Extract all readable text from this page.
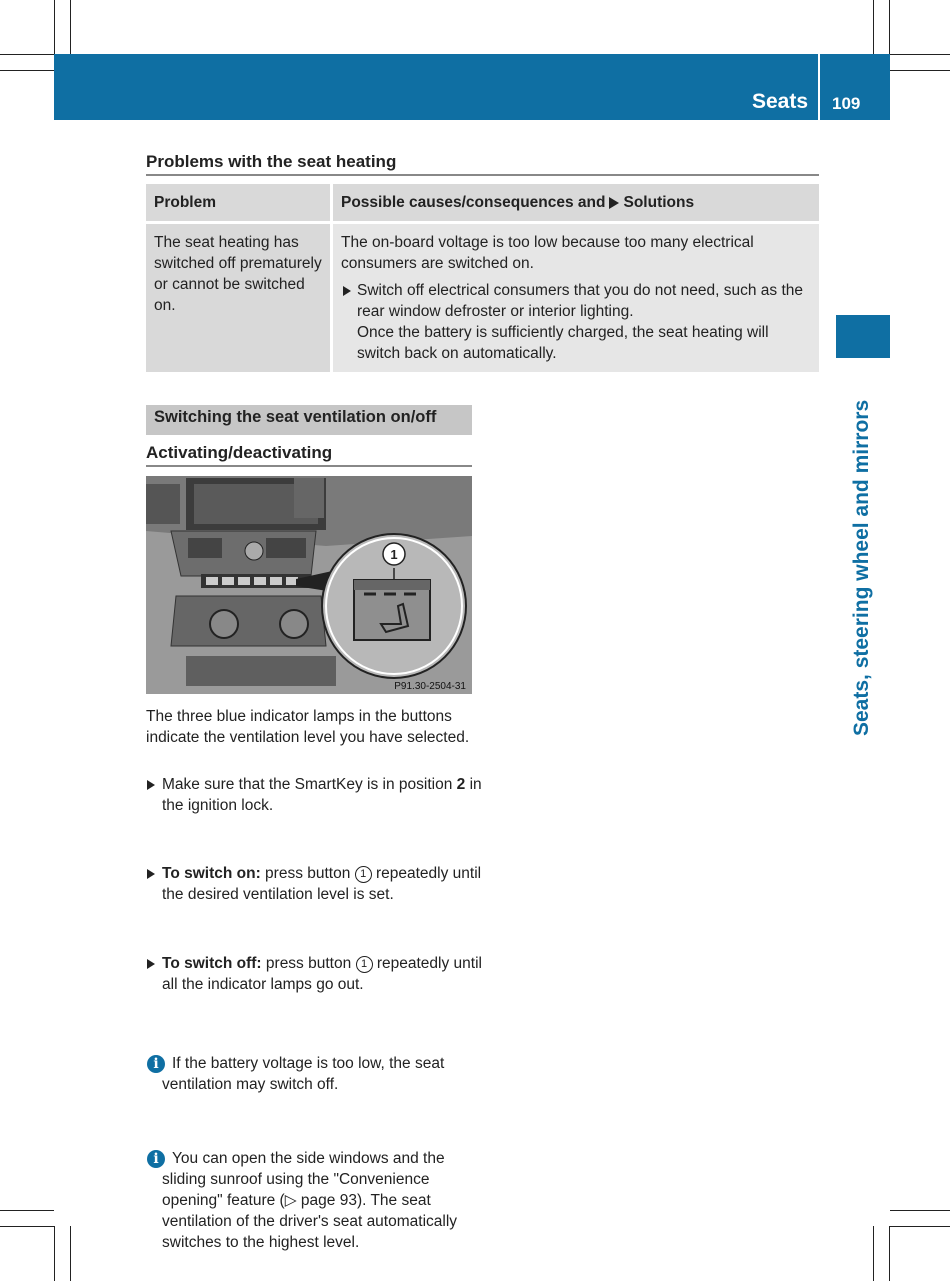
Seats 109
Seats, steering wheel and mirrors
Problems with the seat heating
Problem	Possible causes/consequences and Solutions
The seat heating has switched off prematurely or cannot be switched on.	The on-board voltage is too low because too many electrical consumers are switched on.
Switch off electrical consumers that you do not need, such as the rear window defroster or interior lighting.
Once the battery is sufficiently charged, the seat heating will switch back on automatically.
Switching the seat ventilation on/off
Activating/deactivating
1
P91.30-2504-31
The three blue indicator lamps in the buttons indicate the ventilation level you have selected.
Make sure that the SmartKey is in position 2 in the ignition lock.
To switch on: press button 1 repeatedly until the desired ventilation level is set.
To switch off: press button 1 repeatedly until all the indicator lamps go out.
i If the battery voltage is too low, the seat ventilation may switch off.
i You can open the side windows and the sliding sunroof using the "Convenience opening" feature (▷ page 93). The seat ventilation of the driver's seat automatically switches to the highest level.
